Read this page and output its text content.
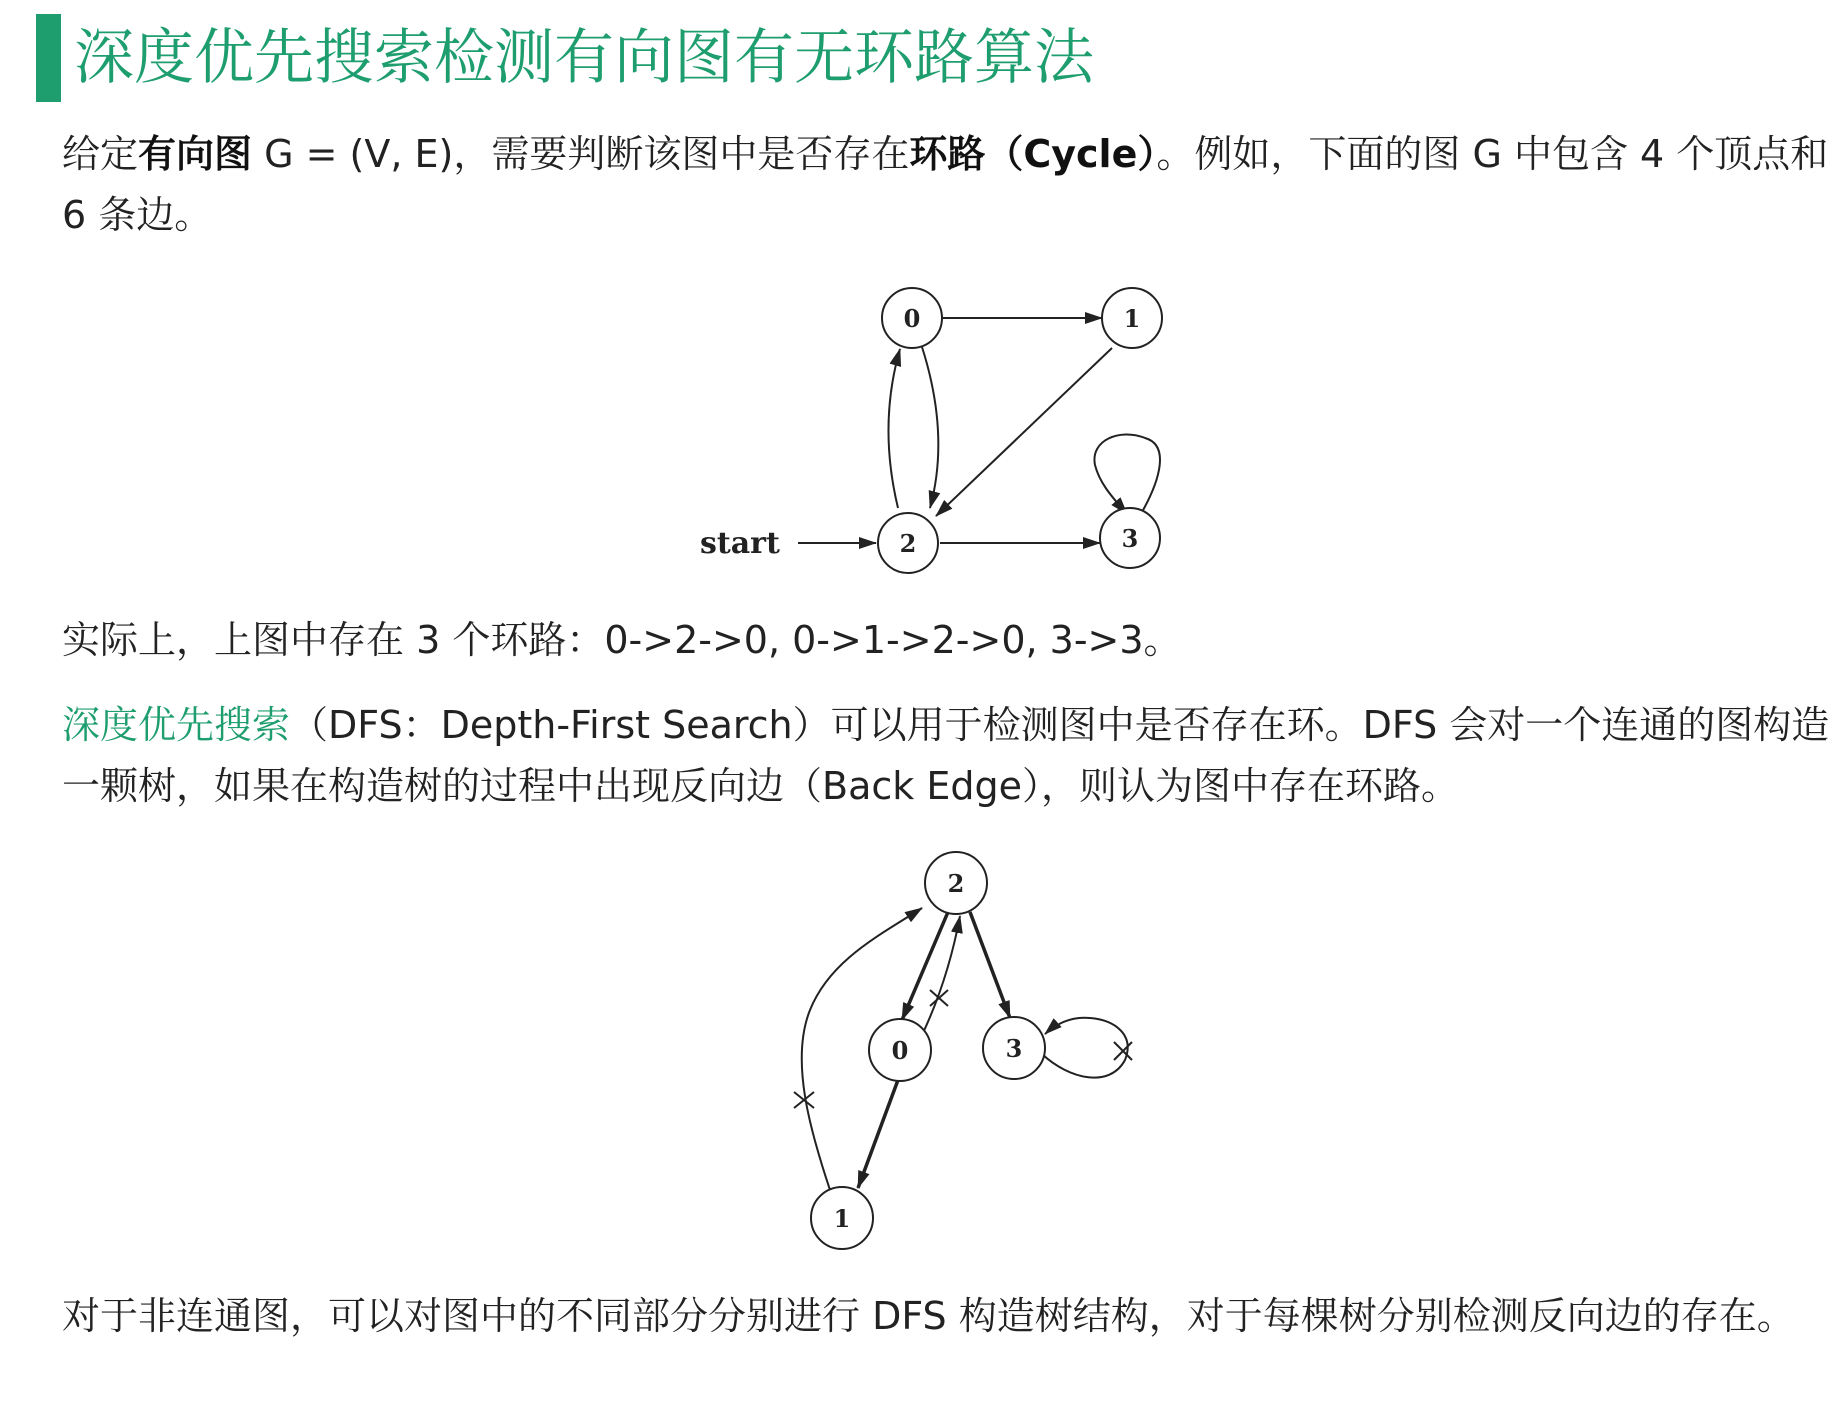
深度优先搜索检测有向图有无环路算法

给定有向图 G = (V, E)，需要判断该图中是否存在环路（Cycle）。例如，下面的图 G 中包含 4 个顶点和 6 条边。

0	1
2	3
start

实际上，上图中存在 3 个环路：0->2->0, 0->1->2->0, 3->3。

深度优先搜索（DFS：Depth-First Search）可以用于检测图中是否存在环。DFS 会对一个连通的图构造一颗树，如果在构造树的过程中出现反向边（Back Edge），则认为图中存在环路。

2
0	3
1

对于非连通图，可以对图中的不同部分分别进行 DFS 构造树结构，对于每棵树分别检测反向边的存在。
